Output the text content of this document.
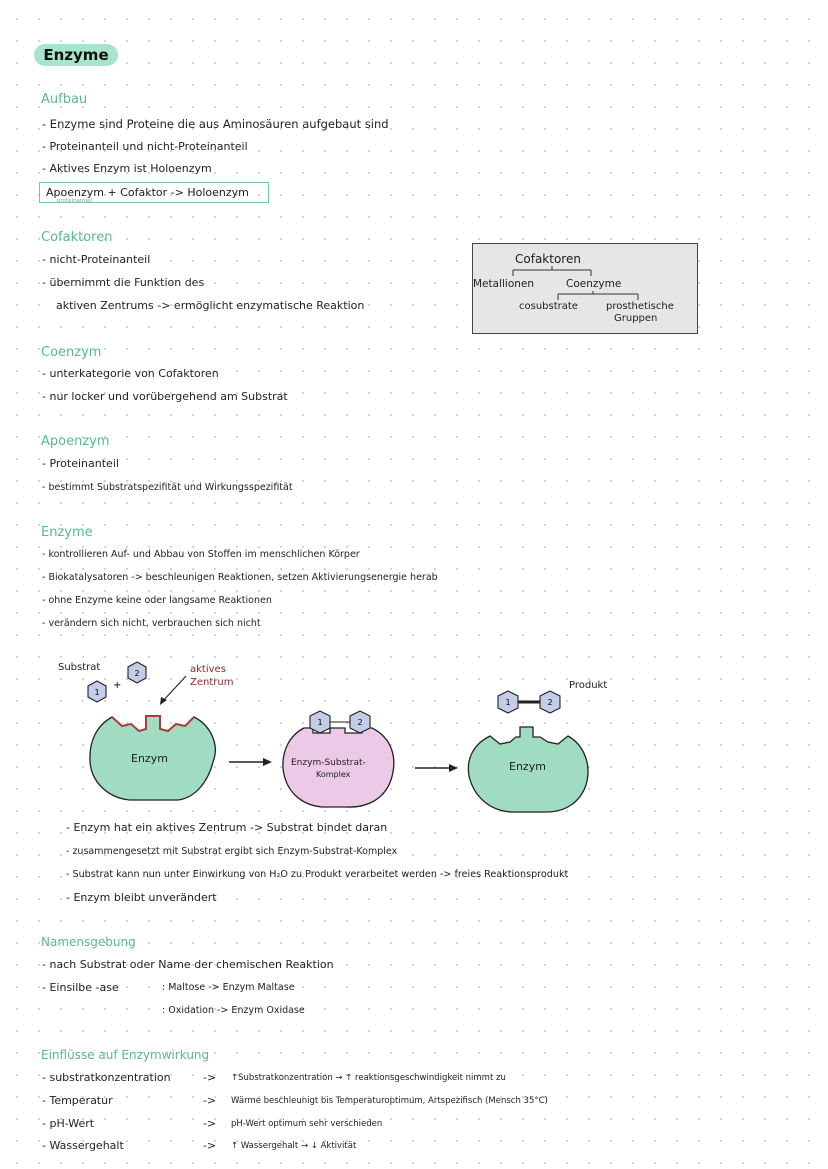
Enzyme
Aufbau
- Enzyme sind Proteine die aus Aminosäuren aufgebaut sind
- Proteinanteil und nicht-Proteinanteil
- Aktives Enzym ist Holoenzym
Apoenzym + Cofaktor -> Holoenzym
proteinanteil
Cofaktoren
- nicht-Proteinanteil
- übernimmt die Funktion des
aktiven Zentrums -> ermöglicht enzymatische Reaktion
Cofaktoren
Metallionen	Coenzyme
cosubstrate	prosthetische
Gruppen
Coenzym
- unterkategorie von Cofaktoren
- nur locker und vorübergehend am Substrat
Apoenzym
- Proteinanteil
- bestimmt Substratspezifität und Wirkungsspezifität
Enzyme
- kontrollieren Auf- und Abbau von Stoffen im menschlichen Körper
- Biokatalysatoren -> beschleunigen Reaktionen, setzen Aktivierungsenergie herab
- ohne Enzyme keine oder langsame Reaktionen
- verändern sich nicht, verbrauchen sich nicht
1
2
+
1	2
1	2
Substrat	aktives
Zentrum
Enzym	Enzym-Substrat-
Komplex
Produkt
Enzym
- Enzym hat ein aktives Zentrum -> Substrat bindet daran
- zusammengesetzt mit Substrat ergibt sich Enzym-Substrat-Komplex
- Substrat kann nun unter Einwirkung von H₂O zu Produkt verarbeitet werden -> freies Reaktionsprodukt
- Enzym bleibt unverändert
Namensgebung
- nach Substrat oder Name der chemischen Reaktion
- Einsilbe -ase	: Maltose -> Enzym Maltase
: Oxidation -> Enzym Oxidase
Einflüsse auf Enzymwirkung
- substratkonzentration	-> ↑Substratkonzentration → ↑ reaktionsgeschwindigkeit nimmt zu
- Temperatur	-> Wärme beschleunigt bis Temperaturoptimum, Artspezifisch (Mensch 35°C)
- pH-Wert	-> pH-Wert optimum sehr verschieden
- Wassergehalt	-> ↑ Wassergehalt → ↓ Aktivität
